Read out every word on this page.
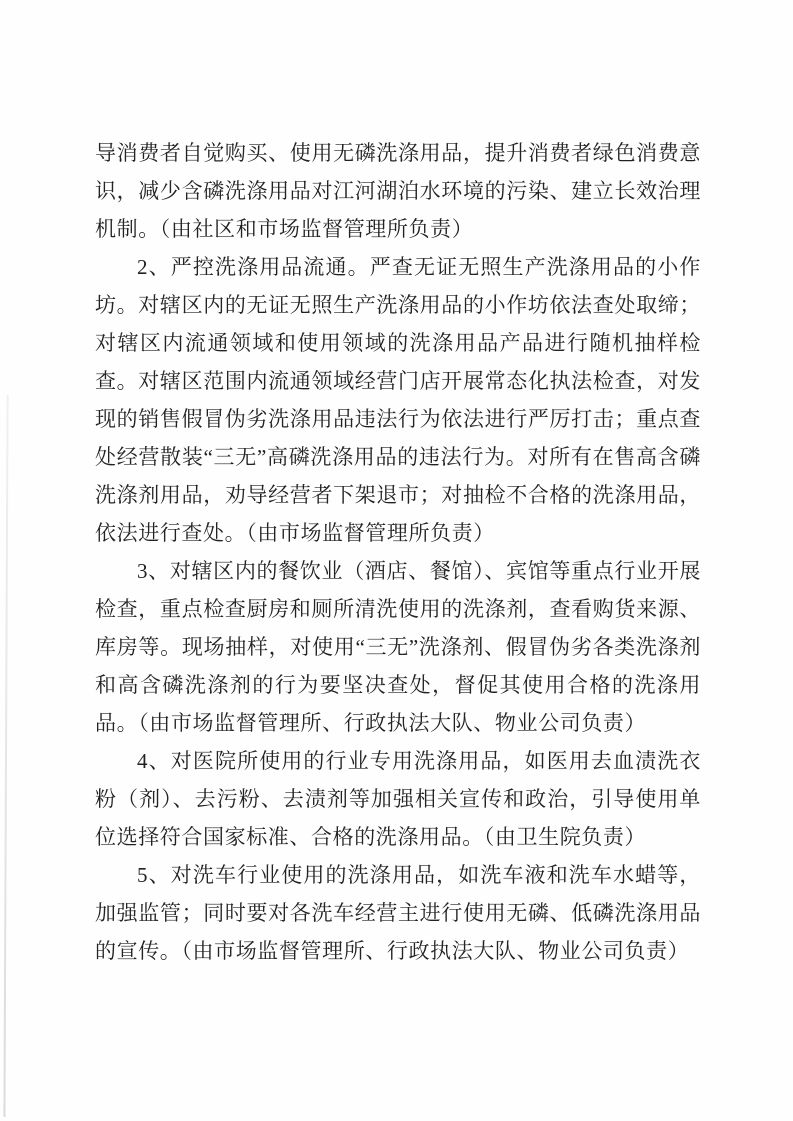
导消费者自觉购买、使用无磷洗涤用品，提升消费者绿色消费意识，减少含磷洗涤用品对江河湖泊水环境的污染、建立长效治理机制。（由社区和市场监督管理所负责）

2、严控洗涤用品流通。严查无证无照生产洗涤用品的小作坊。对辖区内的无证无照生产洗涤用品的小作坊依法查处取缔；对辖区内流通领域和使用领域的洗涤用品产品进行随机抽样检查。对辖区范围内流通领域经营门店开展常态化执法检查，对发现的销售假冒伪劣洗涤用品违法行为依法进行严厉打击；重点查处经营散装“三无”高磷洗涤用品的违法行为。对所有在售高含磷洗涤剂用品，劝导经营者下架退市；对抽检不合格的洗涤用品，依法进行查处。（由市场监督管理所负责）

3、对辖区内的餐饮业（酒店、餐馆）、宾馆等重点行业开展检查，重点检查厨房和厕所清洗使用的洗涤剂，查看购货来源、库房等。现场抽样，对使用“三无”洗涤剂、假冒伪劣各类洗涤剂和高含磷洗涤剂的行为要坚决查处，督促其使用合格的洗涤用品。（由市场监督管理所、行政执法大队、物业公司负责）

4、对医院所使用的行业专用洗涤用品，如医用去血渍洗衣粉（剂）、去污粉、去渍剂等加强相关宣传和政治，引导使用单位选择符合国家标准、合格的洗涤用品。（由卫生院负责）

5、对洗车行业使用的洗涤用品，如洗车液和洗车水蜡等，加强监管；同时要对各洗车经营主进行使用无磷、低磷洗涤用品的宣传。（由市场监督管理所、行政执法大队、物业公司负责）
